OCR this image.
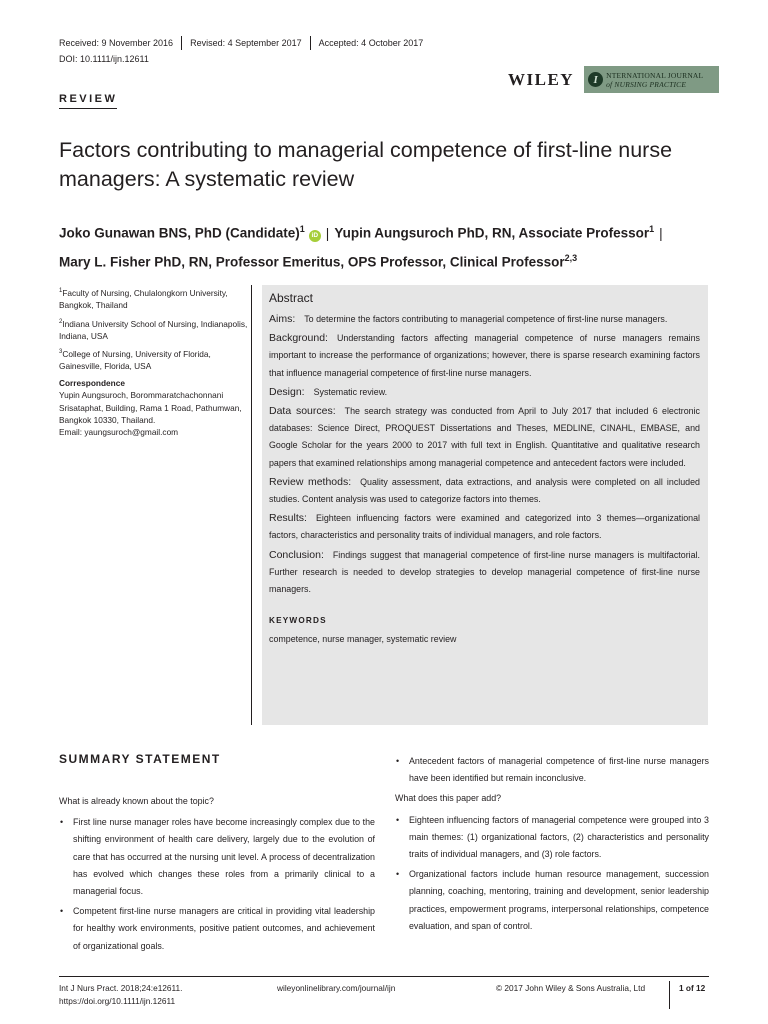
Received: 9 November 2016 Revised: 4 September 2017 Accepted: 4 October 2017
DOI: 10.1111/ijn.12611
WILEY	I	NTERNATIONAL JOURNAL
of NURSING PRACTICE
REVIEW
Factors contributing to managerial competence of first-line nurse managers: A systematic review
Joko Gunawan BNS, PhD (Candidate)$^1$iD | Yupin Aungsuroch PhD, RN, Associate Professor$^1$ |
Mary L. Fisher PhD, RN, Professor Emeritus, OPS Professor, Clinical Professor$^{2,3}$
$^1$Faculty of Nursing, Chulalongkorn University, Bangkok, Thailand
$^2$Indiana University School of Nursing, Indianapolis, Indiana, USA
$^3$College of Nursing, University of Florida, Gainesville, Florida, USA
Correspondence
Yupin Aungsuroch, Borommaratchachonnani Srisataphat, Building, Rama 1 Road, Pathumwan, Bangkok 10330, Thailand.
Email: yaungsuroch@gmail.com
Abstract

Aims: To determine the factors contributing to managerial competence of first-line nurse managers.

Background: Understanding factors affecting managerial competence of nurse managers remains important to increase the performance of organizations; however, there is sparse research examining factors that influence managerial competence of first-line nurse managers.

Design: Systematic review.

Data sources: The search strategy was conducted from April to July 2017 that included 6 electronic databases: Science Direct, PROQUEST Dissertations and Theses, MEDLINE, CINAHL, EMBASE, and Google Scholar for the years 2000 to 2017 with full text in English. Quantitative and qualitative research papers that examined relationships among managerial competence and antecedent factors were included.

Review methods: Quality assessment, data extractions, and analysis were completed on all included studies. Content analysis was used to categorize factors into themes.

Results: Eighteen influencing factors were examined and categorized into 3 themes—organizational factors, characteristics and personality traits of individual managers, and role factors.

Conclusion: Findings suggest that managerial competence of first-line nurse managers is multifactorial. Further research is needed to develop strategies to develop managerial competence of first-line nurse managers.

KEYWORDS
competence, nurse manager, systematic review
SUMMARY STATEMENT
What is already known about the topic?
• First line nurse manager roles have become increasingly complex due to the shifting environment of health care delivery, largely due to the evolution of care that has occurred at the nursing unit level. A process of decentralization has evolved which changes these roles from a primarily clinical to a managerial focus.
• Competent first-line nurse managers are critical in providing vital leadership for healthy work environments, positive patient outcomes, and achievement of organizational goals.
• Antecedent factors of managerial competence of first-line nurse managers have been identified but remain inconclusive.
What does this paper add?
• Eighteen influencing factors of managerial competence were grouped into 3 main themes: (1) organizational factors, (2) characteristics and personality traits of individual managers, and (3) role factors.
• Organizational factors include human resource management, succession planning, coaching, mentoring, training and development, senior leadership practices, empowerment programs, interpersonal relationships, competence evaluation, and span of control.
Int J Nurs Pract. 2018;24:e12611.
https://doi.org/10.1111/ijn.12611
wileyonlinelibrary.com/journal/ijn	© 2017 John Wiley & Sons Australia, Ltd	1 of 12
